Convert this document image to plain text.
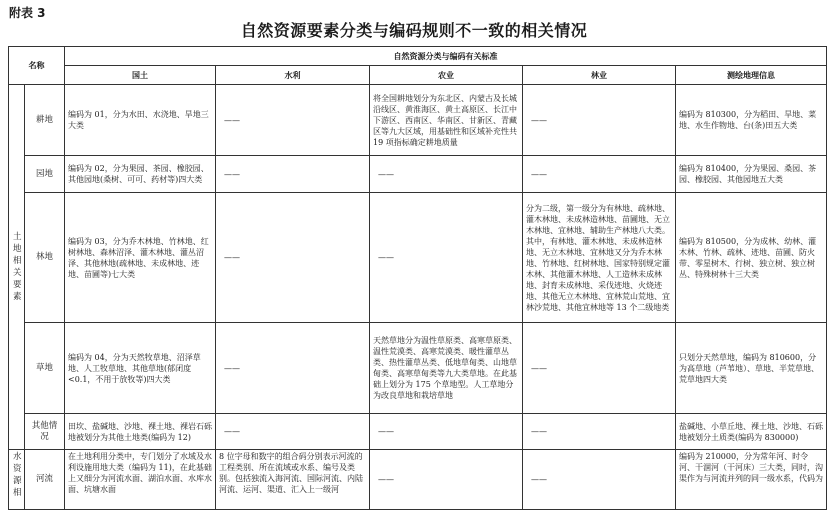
附表 3
自然资源要素分类与编码规则不一致的相关情况
名称		自然资源分类与编码有关标准				
		国土	水利	农业	林业	测绘地理信息
土地相关要素	耕地	编码为 01，分为水田、水浇地、旱地三大类	——	将全国耕地划分为东北区、内蒙古及长城沿线区、黄淮海区、黄土高原区、长江中下游区、西南区、华南区、甘新区、青藏区等九大区域，用基础性和区域补充性共 19 项指标确定耕地质量	——	编码为 810300，分为稻田、旱地、菜地、水生作物地、台(条)田五大类
	园地	编码为 02，分为果园、茶园、橡胶园、其他园地(桑树、可可、药材等)四大类	——	——	——	编码为 810400，分为果园、桑园、茶园、橡胶园、其他园地五大类
	林地	编码为 03，分为乔木林地、竹林地、红树林地、森林沼泽、灌木林地、灌丛沼泽、其他林地(疏林地、未成林地、迹地、苗圃等)七大类	——	——	分为二级，第一级分为有林地、疏林地、灌木林地、未成林造林地、苗圃地、无立木林地、宜林地、辅助生产林地八大类。其中，有林地、灌木林地、未成林造林地、无立木林地、宜林地又分为乔木林地、竹林地、红树林地、国家特别规定灌木林、其他灌木林地、人工造林未成林地、封育未成林地、采伐迹地、火烧迹地、其他无立木林地、宜林荒山荒地、宜林沙荒地、其他宜林地等 13 个二级地类	编码为 810500，分为成林、幼林、灌木林、竹林、疏林、迹地、苗圃、防火带、零星树木、行树、独立树、独立树丛、特殊树林十三大类
	草地	编码为 04，分为天然牧草地、沼泽草地、人工牧草地、其他草地(郁闭度<0.1，不用于放牧等)四大类	——	天然草地分为温性草原类、高寒草原类、温性荒漠类、高寒荒漠类、暖性灌草丛类、热性灌草丛类、低地草甸类、山地草甸类、高寒草甸类等九大类草地。在此基础上划分为 175 个草地型。人工草地分为改良草地和栽培草地	——	只划分天然草地，编码为 810600，分为高草地（芦苇地）、草地、半荒草地、荒草地四大类
	其他情况	田坎、盐碱地、沙地、裸土地、裸岩石砾地被划分为其他土地类(编码为 12)	——	——	——	盐碱地、小草丘地、裸土地、沙地、石砾地被划分土质类(编码为 830000)
水资源相	河流	在土地利用分类中，专门划分了水域及水利设施用地大类（编码为 11)，在此基础上又细分为河流水面、湖泊水面、水库水面、坑塘水面	8 位字母和数字的组合码分别表示河流的工程类别、所在流域或水系、编号及类别。包括独流入海河流、国际河流、内陆河流、运河、渠道、汇入上一级河	——	——	编码为 210000，分为常年河、时令河、干涸河（干河床）三大类，同时，沟渠作为与河流并列的同一级水系，代码为
